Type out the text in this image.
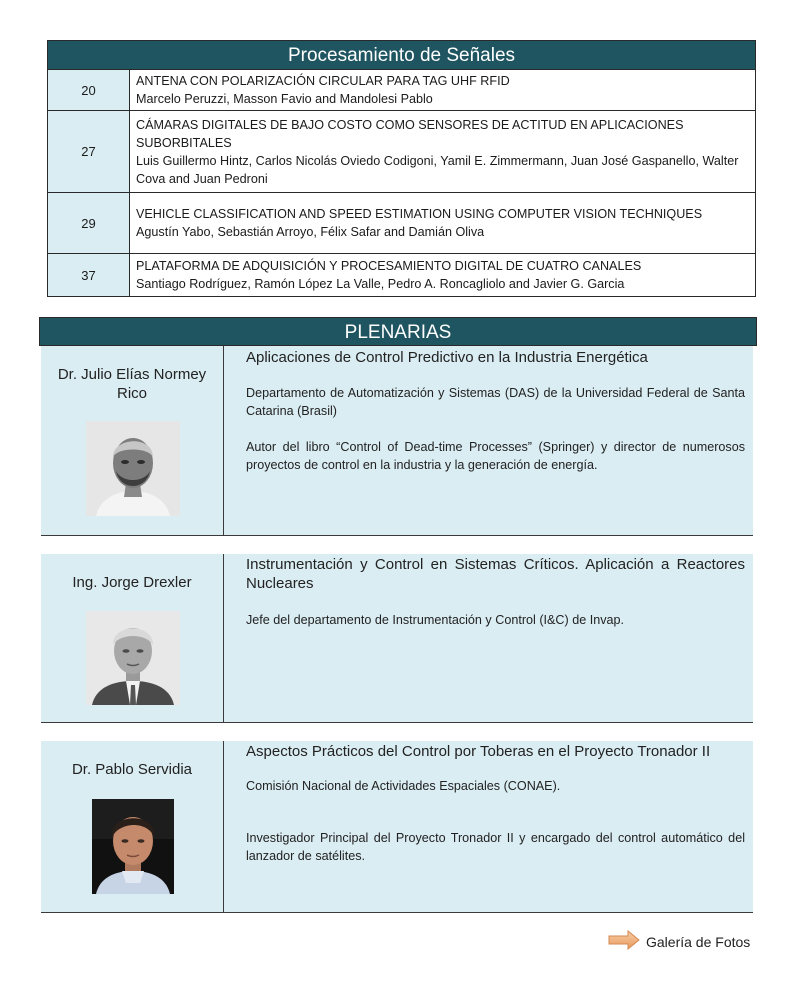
Procesamiento de Señales
20
ANTENA CON POLARIZACIÓN CIRCULAR PARA TAG UHF RFID
Marcelo Peruzzi, Masson Favio and Mandolesi Pablo
27
CÁMARAS DIGITALES DE BAJO COSTO COMO SENSORES DE ACTITUD EN APLICACIONES SUBORBITALES
Luis Guillermo Hintz, Carlos Nicolás Oviedo Codigoni, Yamil E. Zimmermann, Juan José Gaspanello, Walter Cova and Juan Pedroni
29
VEHICLE CLASSIFICATION AND SPEED ESTIMATION USING COMPUTER VISION TECHNIQUES
Agustín Yabo, Sebastián Arroyo, Félix Safar and Damián Oliva
37
PLATAFORMA DE ADQUISICIÓN Y PROCESAMIENTO DIGITAL DE CUATRO CANALES
Santiago Rodríguez, Ramón López La Valle, Pedro A. Roncagliolo and Javier G. Garcia
PLENARIAS
Dr. Julio Elías Normey Rico
Aplicaciones de Control Predictivo en la Industria Energética
Departamento de Automatización y Sistemas (DAS) de la Universidad Federal de Santa Catarina (Brasil)
Autor del libro “Control of Dead-time Processes” (Springer) y director de numerosos proyectos de control en la industria y la generación de energía.
Ing. Jorge Drexler
Instrumentación y Control en Sistemas Críticos. Aplicación a Reactores Nucleares
Jefe del departamento de Instrumentación y Control (I&C) de Invap.
Dr. Pablo Servidia
Aspectos Prácticos del Control por Toberas en el Proyecto Tronador II
Comisión Nacional de Actividades Espaciales (CONAE).
Investigador Principal del Proyecto Tronador II y encargado del control automático del lanzador de satélites.
Galería de Fotos
